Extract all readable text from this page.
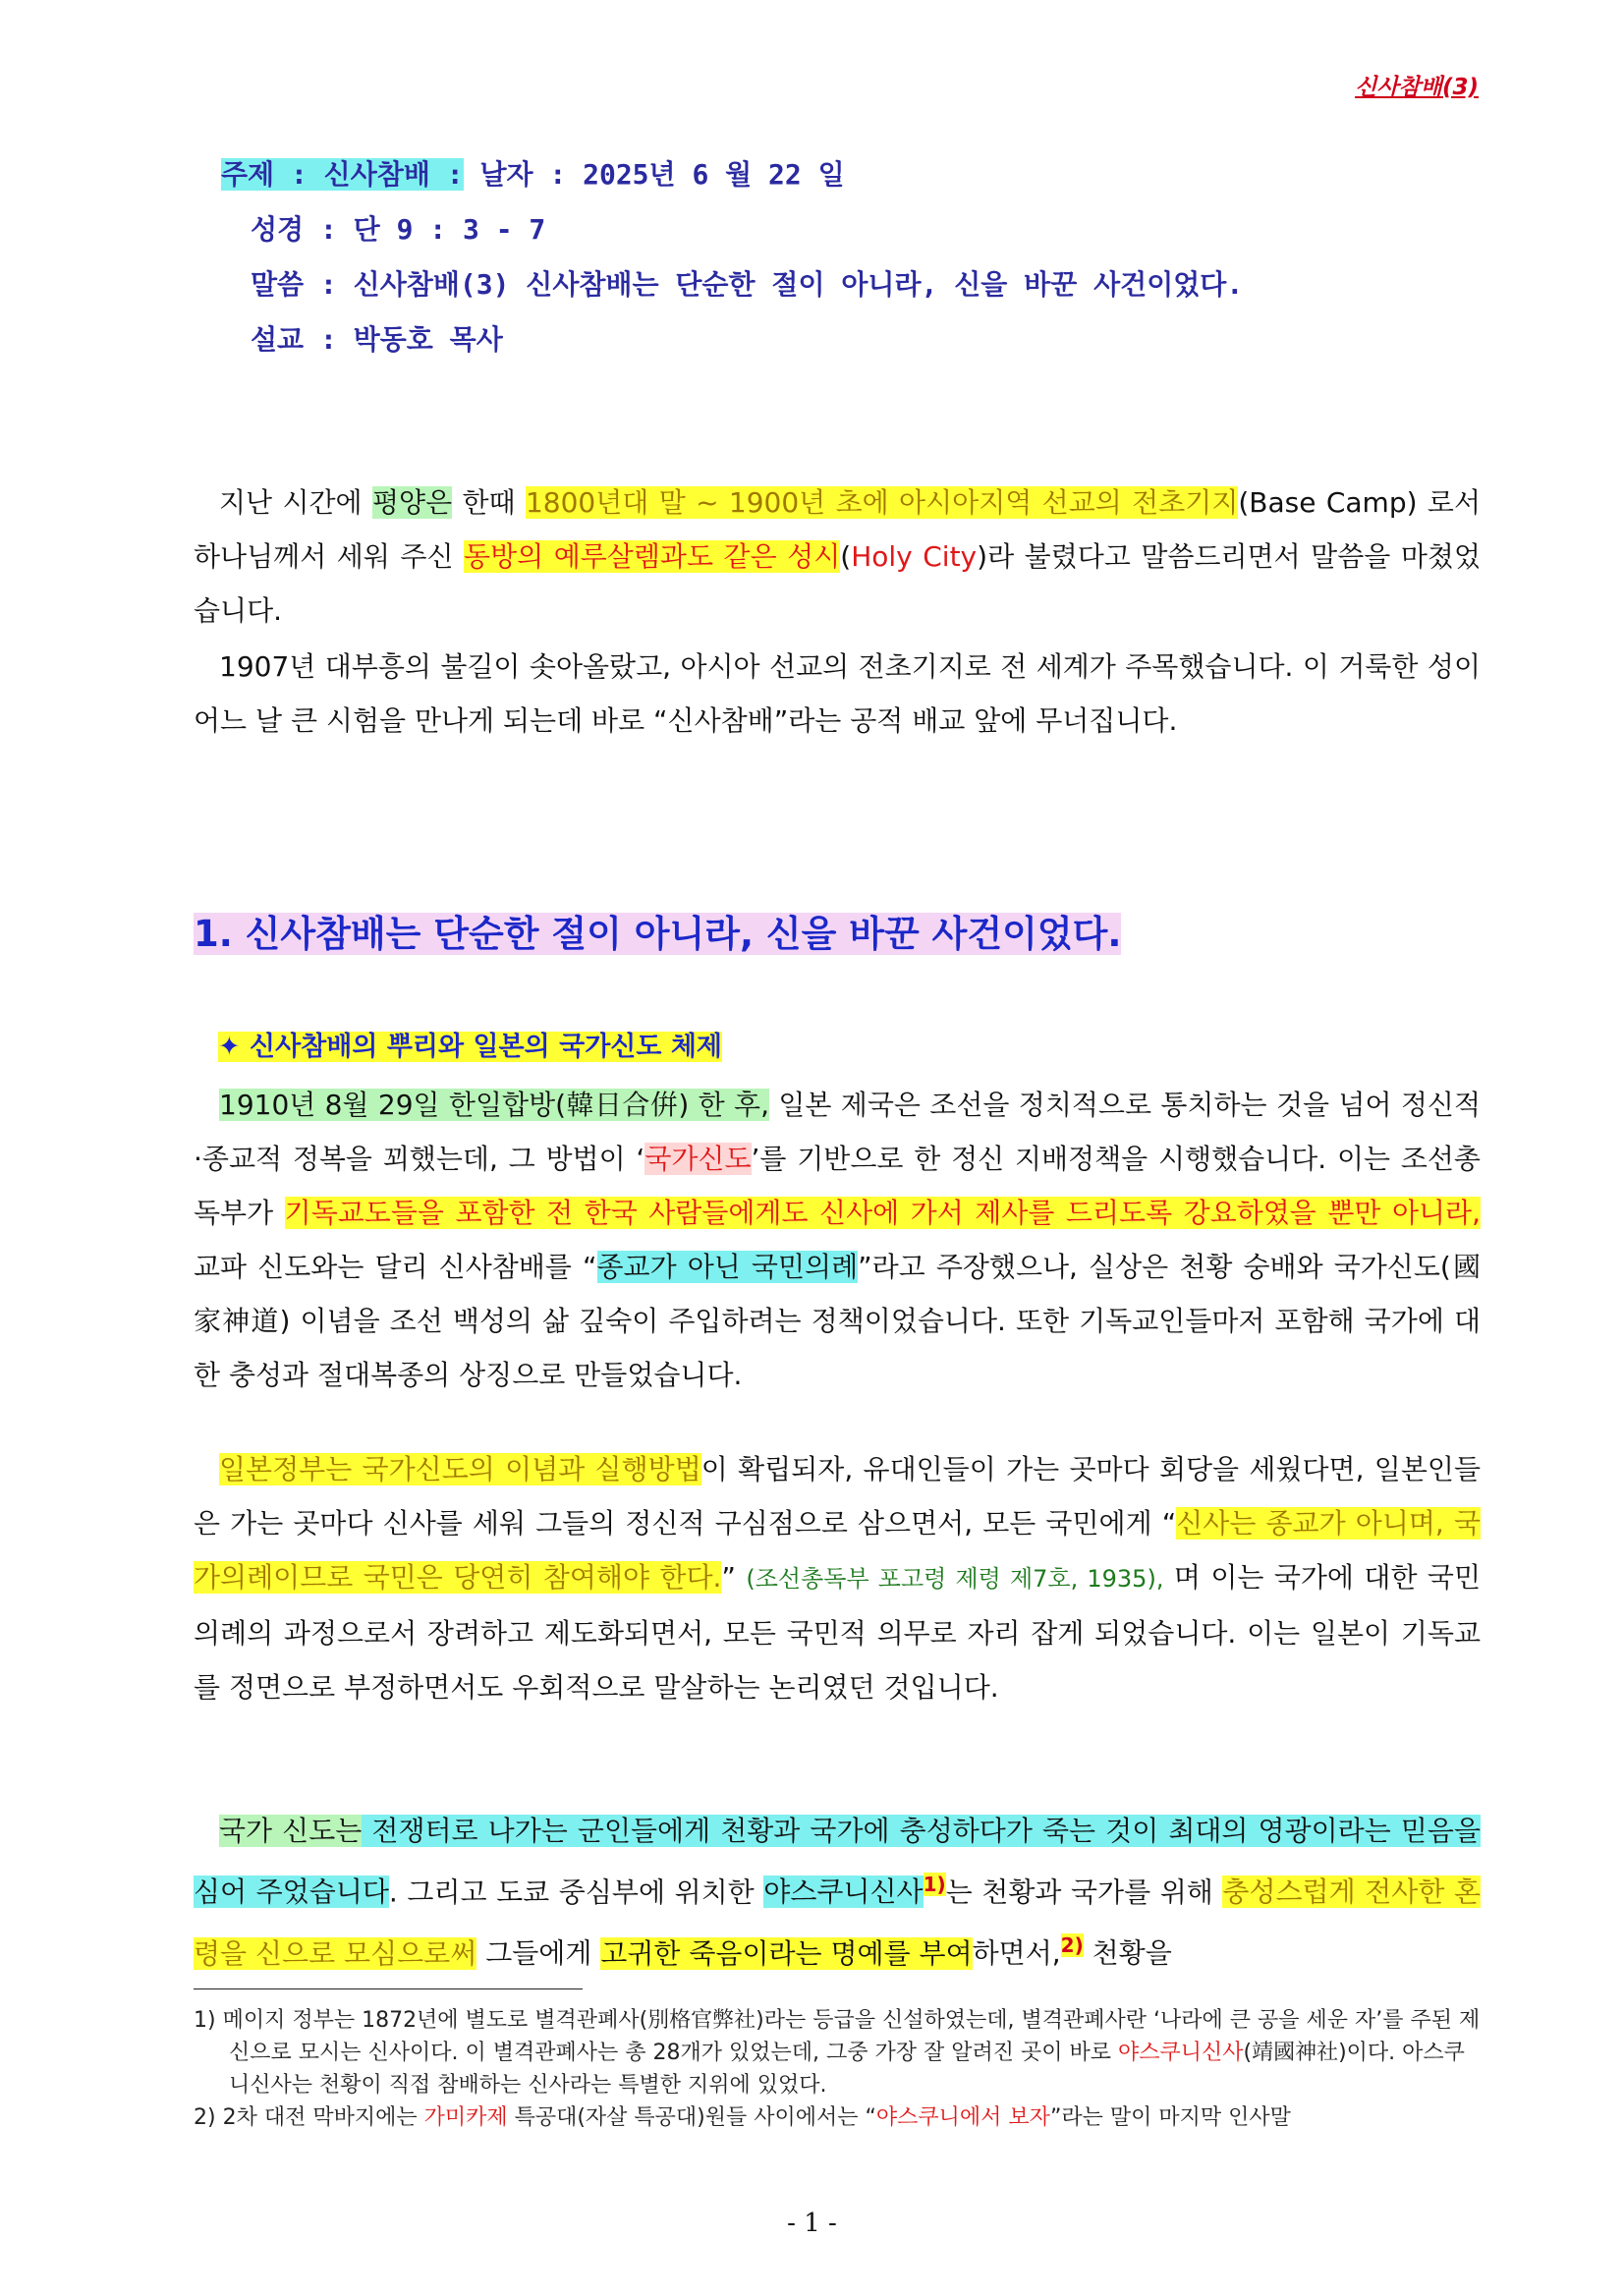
신사참배(3)
주제 : 신사참배 : 날자 : 2025년 6 월 22 일
성경 : 단 9 : 3 - 7
말씀 : 신사참배(3) 신사참배는 단순한 절이 아니라, 신을 바꾼 사건이었다.
설교 : 박동호 목사
지난 시간에 평양은 한때 1800년대 말 ~ 1900년 초에 아시아지역 선교의 전초기지(Base Camp) 로서 하나님께서 세워 주신 동방의 예루살렘과도 같은 성시(Holy City)라 불렸다고 말씀드리면서 말씀을 마쳤었습니다.
1907년 대부흥의 불길이 솟아올랐고, 아시아 선교의 전초기지로 전 세계가 주목했습니다. 이 거룩한 성이 어느 날 큰 시험을 만나게 되는데 바로 “신사참배”라는 공적 배교 앞에 무너집니다.
1. 신사참배는 단순한 절이 아니라, 신을 바꾼 사건이었다.
✦ 신사참배의 뿌리와 일본의 국가신도 체제
1910년 8월 29일 한일합방(韓日合倂) 한 후, 일본 제국은 조선을 정치적으로 통치하는 것을 넘어 정신적·종교적 정복을 꾀했는데, 그 방법이 ‘국가신도’를 기반으로 한 정신 지배정책을 시행했습니다. 이는 조선총독부가 기독교도들을 포함한 전 한국 사람들에게도 신사에 가서 제사를 드리도록 강요하였을 뿐만 아니라, 교파 신도와는 달리 신사참배를 “종교가 아닌 국민의례”라고 주장했으나, 실상은 천황 숭배와 국가신도(國家神道) 이념을 조선 백성의 삶 깊숙이 주입하려는 정책이었습니다. 또한 기독교인들마저 포함해 국가에 대한 충성과 절대복종의 상징으로 만들었습니다.
일본정부는 국가신도의 이념과 실행방법이 확립되자, 유대인들이 가는 곳마다 회당을 세웠다면, 일본인들은 가는 곳마다 신사를 세워 그들의 정신적 구심점으로 삼으면서, 모든 국민에게 “신사는 종교가 아니며, 국가의례이므로 국민은 당연히 참여해야 한다.” (조선총독부 포고령 제령 제7호, 1935), 며 이는 국가에 대한 국민의례의 과정으로서 장려하고 제도화되면서, 모든 국민적 의무로 자리 잡게 되었습니다. 이는 일본이 기독교를 정면으로 부정하면서도 우회적으로 말살하는 논리였던 것입니다.
국가 신도는 전쟁터로 나가는 군인들에게 천황과 국가에 충성하다가 죽는 것이 최대의 영광이라는 믿음을 심어 주었습니다. 그리고 도쿄 중심부에 위치한 야스쿠니신사$^{1)}$는 천황과 국가를 위해 충성스럽게 전사한 혼령을 신으로 모심으로써 그들에게 고귀한 죽음이라는 명예를 부여하면서,$^{2)}$ 천황을
1) 메이지 정부는 1872년에 별도로 별격관폐사(別格官弊社)라는 등급을 신설하였는데, 별격관폐사란 ‘나라에 큰 공을 세운 자’를 주된 제신으로 모시는 신사이다. 이 별격관폐사는 총 28개가 있었는데, 그중 가장 잘 알려진 곳이 바로 야스쿠니신사(靖國神社)이다. 아스쿠니신사는 천황이 직접 참배하는 신사라는 특별한 지위에 있었다.
2) 2차 대전 막바지에는 가미카제 특공대(자살 특공대)원들 사이에서는 “야스쿠니에서 보자”라는 말이 마지막 인사말
- 1 -
